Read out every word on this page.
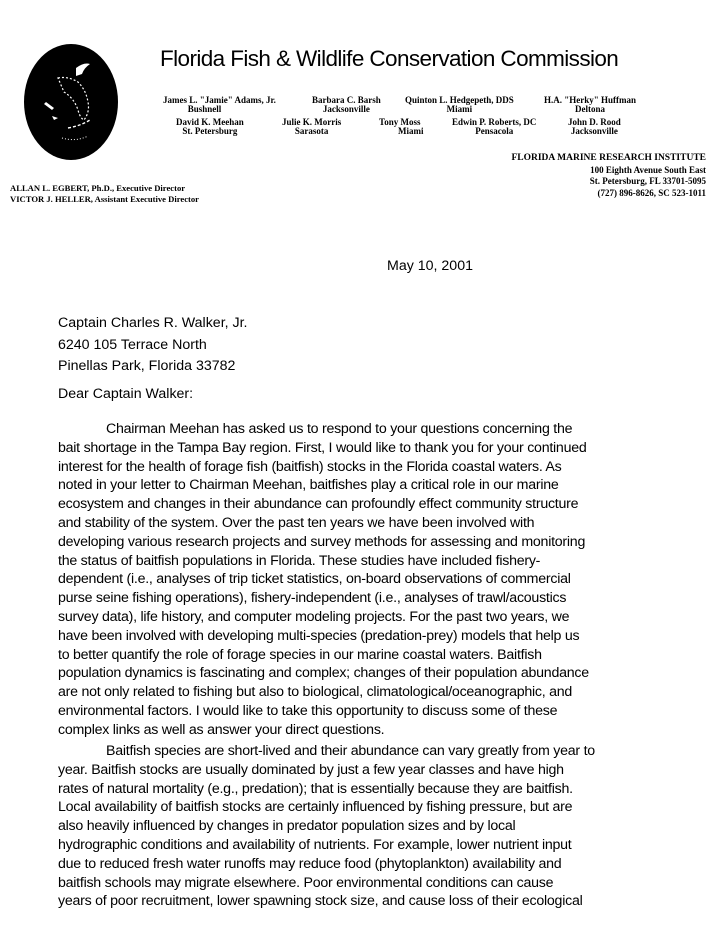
Florida Fish & Wildlife Conservation Commission
James L. "Jamie" Adams, Jr.
Bushnell
Barbara C. Barsh
Jacksonville
Quinton L. Hedgepeth, DDS
Miami
H.A. "Herky" Huffman
Deltona
David K. Meehan
St. Petersburg
Julie K. Morris
Sarasota
Tony Moss
Miami
Edwin P. Roberts, DC
Pensacola
John D. Rood
Jacksonville
FLORIDA MARINE RESEARCH INSTITUTE
100 Eighth Avenue South East
St. Petersburg, FL 33701-5095
(727) 896-8626, SC 523-1011
ALLAN L. EGBERT, Ph.D., Executive Director
VICTOR J. HELLER, Assistant Executive Director
May 10, 2001
Captain Charles R. Walker, Jr.
6240 105 Terrace North
Pinellas Park, Florida 33782
Dear Captain Walker:
Chairman Meehan has asked us to respond to your questions concerning the
bait shortage in the Tampa Bay region. First, I would like to thank you for your continued
interest for the health of forage fish (baitfish) stocks in the Florida coastal waters. As
noted in your letter to Chairman Meehan, baitfishes play a critical role in our marine
ecosystem and changes in their abundance can profoundly effect community structure
and stability of the system. Over the past ten years we have been involved with
developing various research projects and survey methods for assessing and monitoring
the status of baitfish populations in Florida. These studies have included fishery-
dependent (i.e., analyses of trip ticket statistics, on-board observations of commercial
purse seine fishing operations), fishery-independent (i.e., analyses of trawl/acoustics
survey data), life history, and computer modeling projects. For the past two years, we
have been involved with developing multi-species (predation-prey) models that help us
to better quantify the role of forage species in our marine coastal waters. Baitfish
population dynamics is fascinating and complex; changes of their population abundance
are not only related to fishing but also to biological, climatological/oceanographic, and
environmental factors. I would like to take this opportunity to discuss some of these
complex links as well as answer your direct questions.
Baitfish species are short-lived and their abundance can vary greatly from year to
year. Baitfish stocks are usually dominated by just a few year classes and have high
rates of natural mortality (e.g., predation); that is essentially because they are baitfish.
Local availability of baitfish stocks are certainly influenced by fishing pressure, but are
also heavily influenced by changes in predator population sizes and by local
hydrographic conditions and availability of nutrients. For example, lower nutrient input
due to reduced fresh water runoffs may reduce food (phytoplankton) availability and
baitfish schools may migrate elsewhere. Poor environmental conditions can cause
years of poor recruitment, lower spawning stock size, and cause loss of their ecological
